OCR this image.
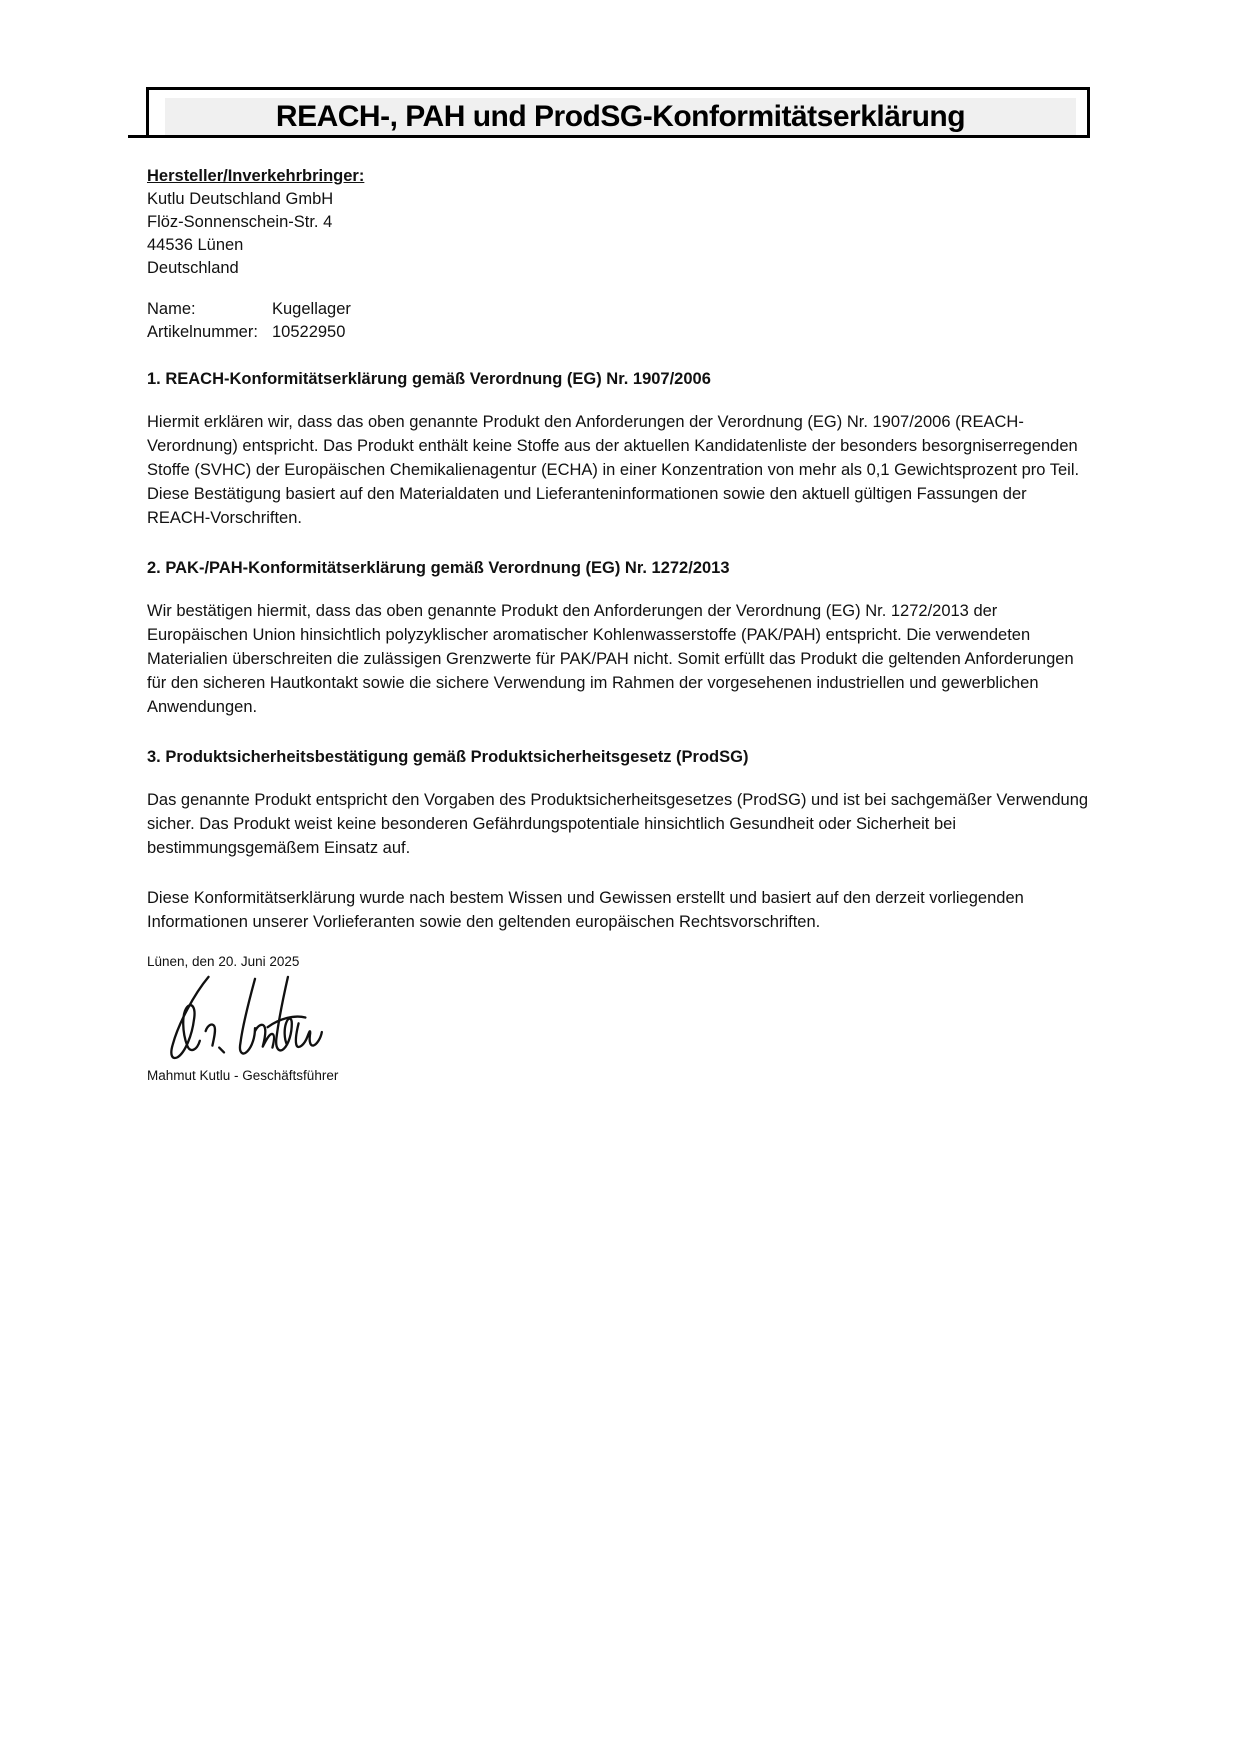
REACH-, PAH und ProdSG-Konformitätserklärung
Hersteller/Inverkehrbringer:
Kutlu Deutschland GmbH
Flöz-Sonnenschein-Str. 4
44536 Lünen
Deutschland
Name:	Kugellager
Artikelnummer: 10522950
1. REACH-Konformitätserklärung gemäß Verordnung (EG) Nr. 1907/2006
Hiermit erklären wir, dass das oben genannte Produkt den Anforderungen der Verordnung (EG) Nr. 1907/2006 (REACH-Verordnung) entspricht. Das Produkt enthält keine Stoffe aus der aktuellen Kandidatenliste der besonders besorgniserregenden Stoffe (SVHC) der Europäischen Chemikalienagentur (ECHA) in einer Konzentration von mehr als 0,1 Gewichtsprozent pro Teil. Diese Bestätigung basiert auf den Materialdaten und Lieferanteninformationen sowie den aktuell gültigen Fassungen der REACH-Vorschriften.
2. PAK-/PAH-Konformitätserklärung gemäß Verordnung (EG) Nr. 1272/2013
Wir bestätigen hiermit, dass das oben genannte Produkt den Anforderungen der Verordnung (EG) Nr. 1272/2013 der Europäischen Union hinsichtlich polyzyklischer aromatischer Kohlenwasserstoffe (PAK/PAH) entspricht. Die verwendeten Materialien überschreiten die zulässigen Grenzwerte für PAK/PAH nicht. Somit erfüllt das Produkt die geltenden Anforderungen für den sicheren Hautkontakt sowie die sichere Verwendung im Rahmen der vorgesehenen industriellen und gewerblichen Anwendungen.
3. Produktsicherheitsbestätigung gemäß Produktsicherheitsgesetz (ProdSG)
Das genannte Produkt entspricht den Vorgaben des Produktsicherheitsgesetzes (ProdSG) und ist bei sachgemäßer Verwendung sicher. Das Produkt weist keine besonderen Gefährdungspotentiale hinsichtlich Gesundheit oder Sicherheit bei bestimmungsgemäßem Einsatz auf.
Diese Konformitätserklärung wurde nach bestem Wissen und Gewissen erstellt und basiert auf den derzeit vorliegenden Informationen unserer Vorlieferanten sowie den geltenden europäischen Rechtsvorschriften.
Lünen, den 20. Juni 2025
Mahmut Kutlu - Geschäftsführer
